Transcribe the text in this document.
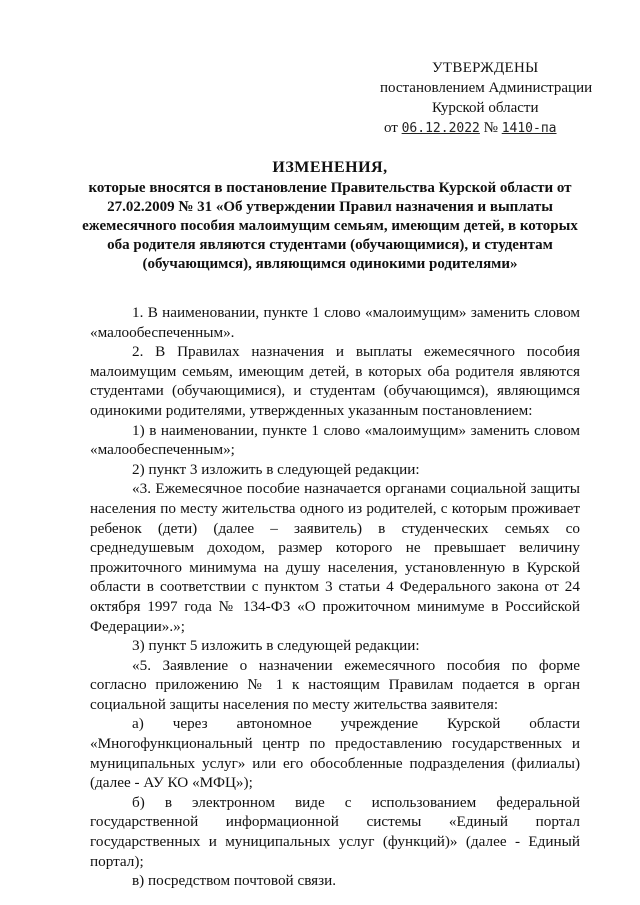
УТВЕРЖДЕНЫ
постановлением Администрации
Курской области
от 06.12.2022 № 1410-па
ИЗМЕНЕНИЯ,
которые вносятся в постановление Правительства Курской области от 27.02.2009 № 31 «Об утверждении Правил назначения и выплаты ежемесячного пособия малоимущим семьям, имеющим детей, в которых оба родителя являются студентами (обучающимися), и студентам (обучающимся), являющимся одинокими родителями»

1. В наименовании, пункте 1 слово «малоимущим» заменить словом «малообеспеченным».

2. В Правилах назначения и выплаты ежемесячного пособия малоимущим семьям, имеющим детей, в которых оба родителя являются студентами (обучающимися), и студентам (обучающимся), являющимся одинокими родителями, утвержденных указанным постановлением:

1) в наименовании, пункте 1 слово «малоимущим» заменить словом «малообеспеченным»;

2) пункт 3 изложить в следующей редакции:

«3. Ежемесячное пособие назначается органами социальной защиты населения по месту жительства одного из родителей, с которым проживает ребенок (дети) (далее – заявитель) в студенческих семьях со среднедушевым доходом, размер которого не превышает величину прожиточного минимума на душу населения, установленную в Курской области в соответствии с пунктом 3 статьи 4 Федерального закона от 24 октября 1997 года № 134-ФЗ «О прожиточном минимуме в Российской Федерации».»;

3) пункт 5 изложить в следующей редакции:

«5. Заявление о назначении ежемесячного пособия по форме согласно приложению № 1 к настоящим Правилам подается в орган социальной защиты населения по месту жительства заявителя:

а) через автономное учреждение Курской области «Многофункциональный центр по предоставлению государственных и муниципальных услуг» или его обособленные подразделения (филиалы) (далее - АУ КО «МФЦ»);

б) в электронном виде с использованием федеральной государственной информационной системы «Единый портал государственных и муниципальных услуг (функций)» (далее - Единый портал);

в) посредством почтовой связи.
